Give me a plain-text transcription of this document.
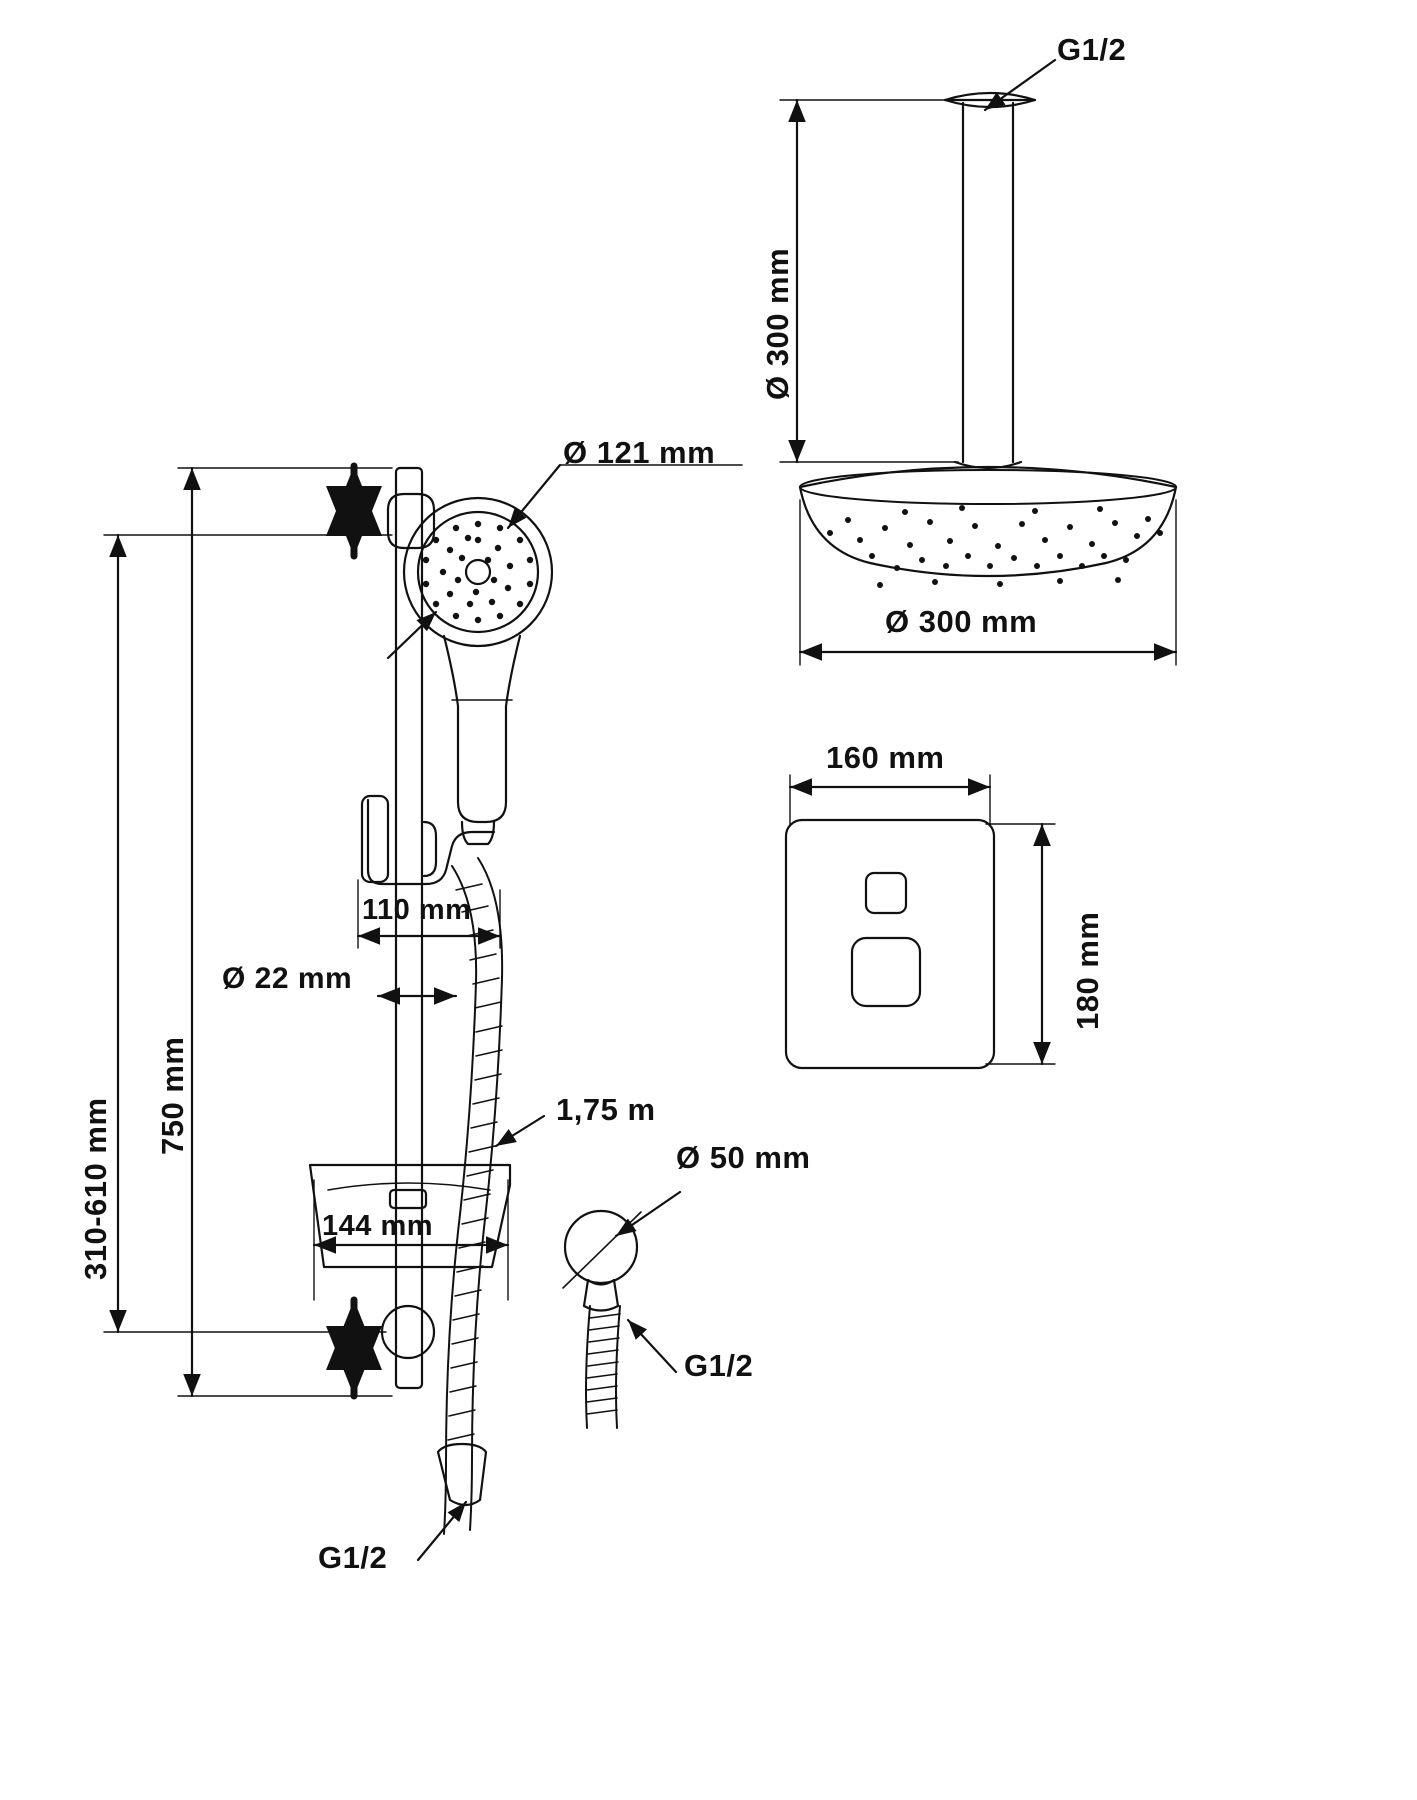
G1/2
Ø 300 mm
Ø 300 mm
Ø 121 mm
310-610 mm
750 mm
110 mm
Ø 22 mm
144 mm
1,75 m
G1/2
160 mm
180 mm
Ø 50 mm
G1/2
